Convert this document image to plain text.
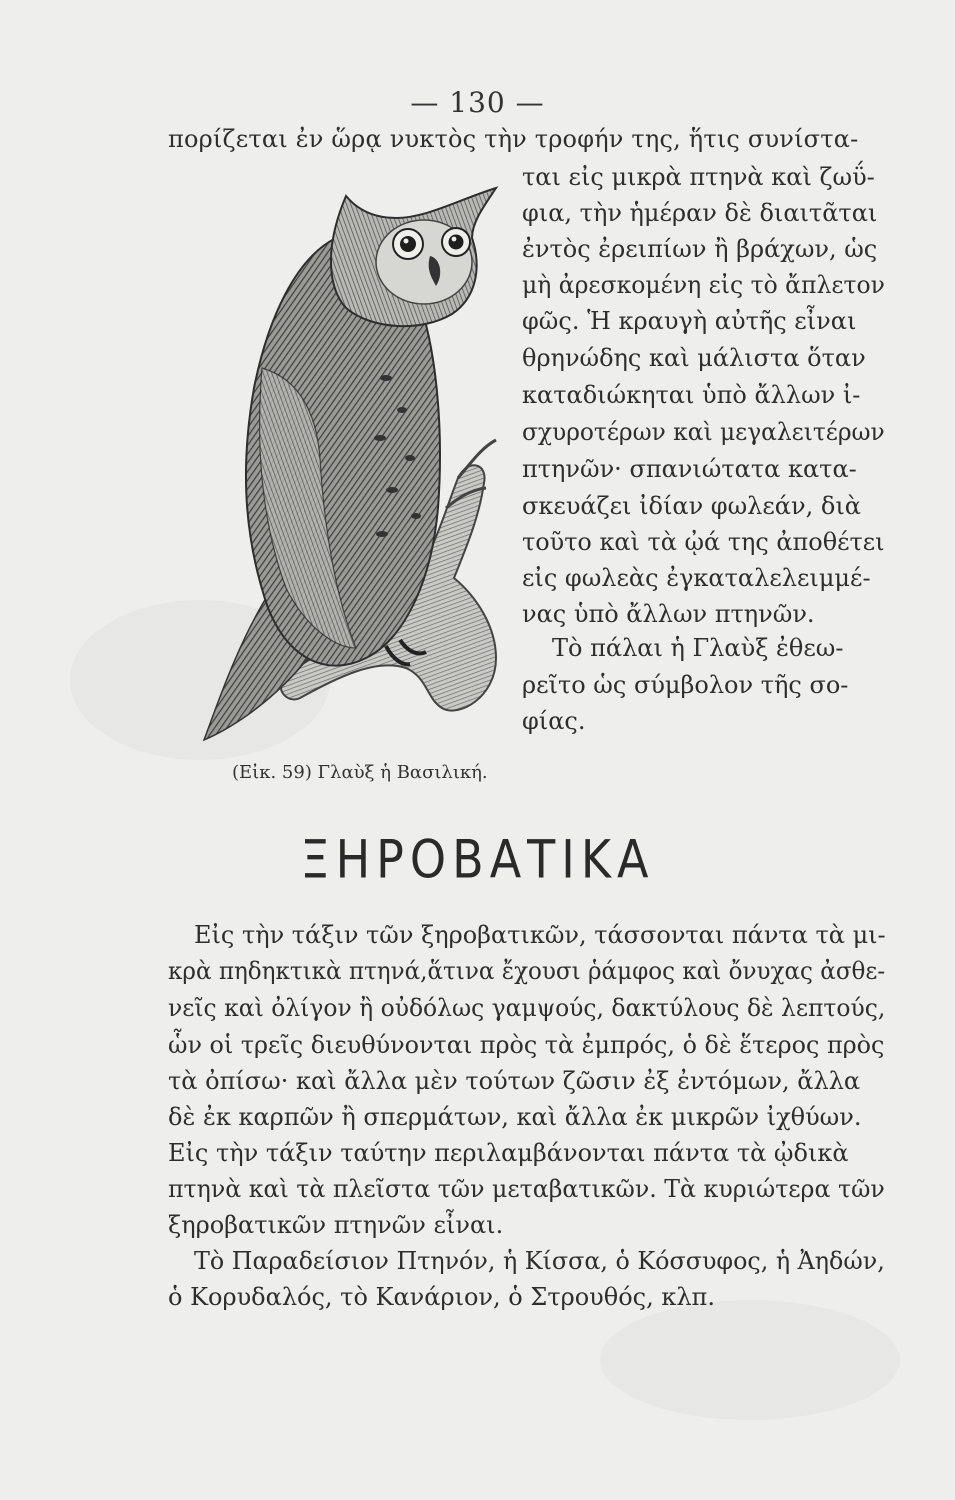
— 130 —
πορίζεται ἐν ὥρᾳ νυκτὸς τὴν τροφήν της, ἥτις συνίστα-
ται εἰς μικρὰ πτηνὰ καὶ ζωΰ-
φια, τὴν ἡμέραν δὲ διαιτᾶται
ἐντὸς ἐρειπίων ἢ βράχων, ὡς
μὴ ἀρεσκομένη εἰς τὸ ἄπλετον
φῶς. Ἡ κραυγὴ αὐτῆς εἶναι
θρηνώδης καὶ μάλιστα ὅταν
καταδιώκηται ὑπὸ ἄλλων ἰ-
σχυροτέρων καὶ μεγαλειτέρων
πτηνῶν· σπανιώτατα κατα-
σκευάζει ἰδίαν φωλεάν, διὰ
τοῦτο καὶ τὰ ᾠά της ἀποθέτει
εἰς φωλεὰς ἐγκαταλελειμμέ-
νας ὑπὸ ἄλλων πτηνῶν.
Τὸ πάλαι ἡ Γλαὺξ ἐθεω-
ρεῖτο ὡς σύμβολον τῆς σο-
φίας.
(Εἰκ. 59) Γλαὺξ ἡ Βασιλική.
ΞΗΡΟΒΑΤΙΚΑ
Εἰς τὴν τάξιν τῶν ξηροβατικῶν, τάσσονται πάντα τὰ μι-
κρὰ πηδηκτικὰ πτηνά,ἅτινα ἔχουσι ῥάμφος καὶ ὄνυχας ἀσθε-
νεῖς καὶ ὀλίγον ἢ οὐδόλως γαμψούς, δακτύλους δὲ λεπτούς,
ὧν οἱ τρεῖς διευθύνονται πρὸς τὰ ἐμπρός, ὁ δὲ ἕτερος πρὸς
τὰ ὀπίσω· καὶ ἄλλα μὲν τούτων ζῶσιν ἐξ ἐντόμων, ἄλλα
δὲ ἐκ καρπῶν ἢ σπερμάτων, καὶ ἄλλα ἐκ μικρῶν ἰχθύων.
Εἰς τὴν τάξιν ταύτην περιλαμβάνονται πάντα τὰ ᾠδικὰ
πτηνὰ καὶ τὰ πλεῖστα τῶν μεταβατικῶν. Τὰ κυριώτερα τῶν
ξηροβατικῶν πτηνῶν εἶναι.
Τὸ Παραδείσιον Πτηνόν, ἡ Κίσσα, ὁ Κόσσυφος, ἡ Ἀηδών,
ὁ Κορυδαλός, τὸ Κανάριον, ὁ Στρουθός, κλπ.
